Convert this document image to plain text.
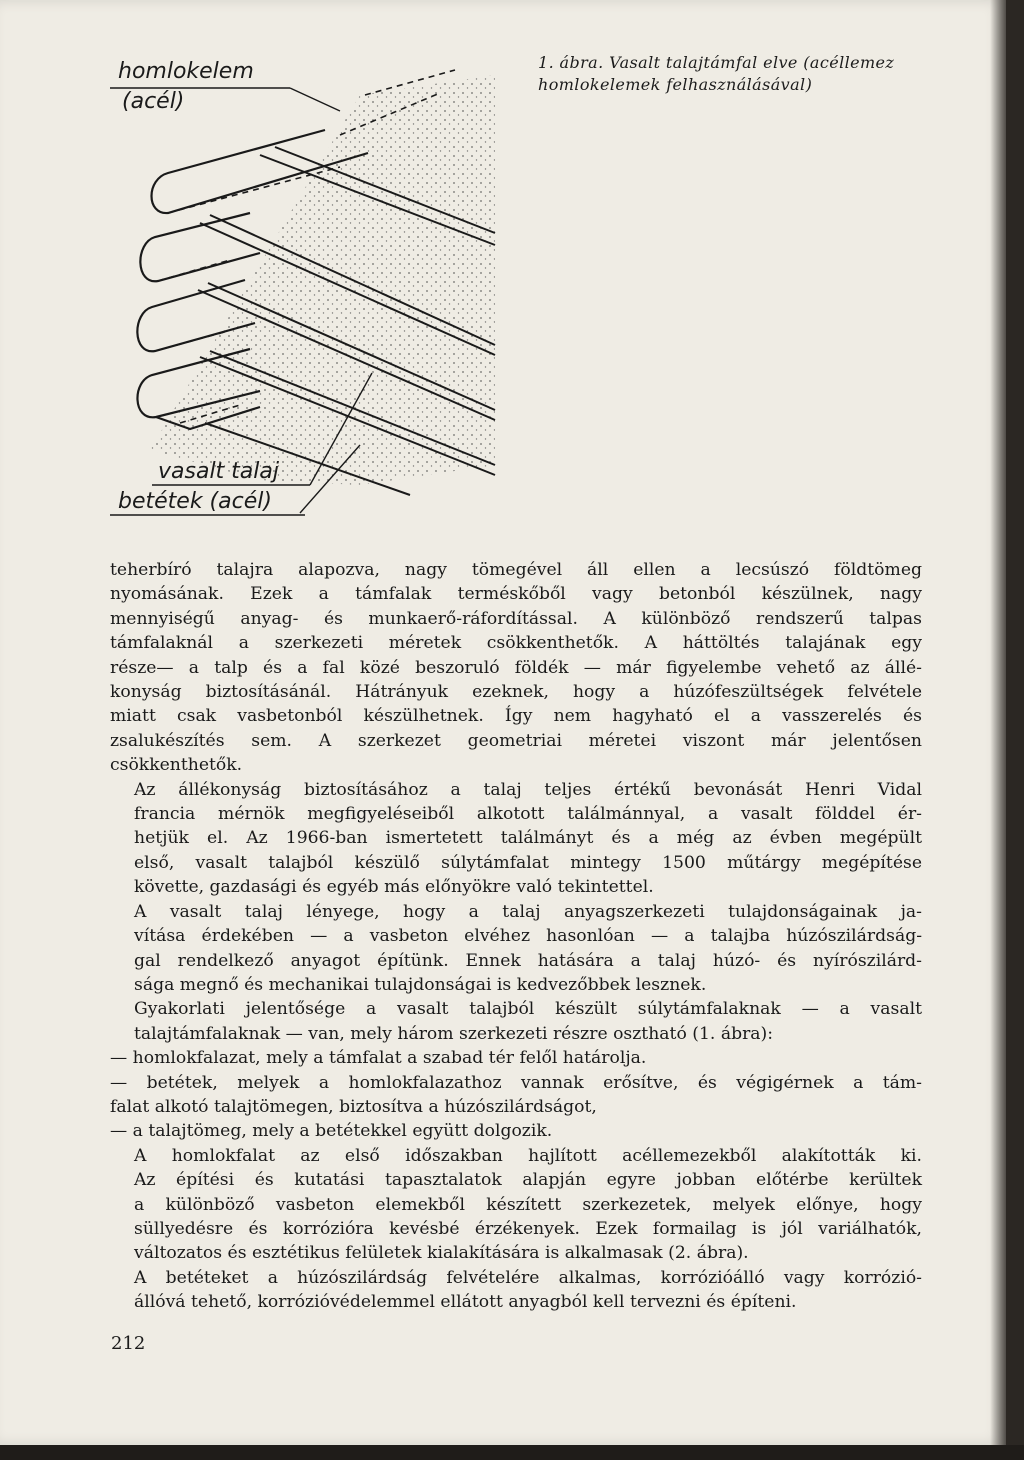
homlokelem
(acél)
vasalt talaj
betétek (acél)
1. ábra. Vasalt talajtámfal elve (acéllemez homlokelemek felhasználásával)

teherbíró talajra alapozva, nagy tömegével áll ellen a lecsúszó földtömeg
nyomásának. Ezek a támfalak terméskőből vagy betonból készülnek, nagy
mennyiségű anyag- és munkaerő-ráfordítással. A különböző rendszerű talpas
támfalaknál a szerkezeti méretek csökkenthetők. A háttöltés talajának egy
része— a talp és a fal közé beszoruló földék — már figyelembe vehető az állé-
konyság biztosításánál. Hátrányuk ezeknek, hogy a húzófeszültségek felvétele
miatt csak vasbetonból készülhetnek. Így nem hagyható el a vasszerelés és
zsalukészítés sem. A szerkezet geometriai méretei viszont már jelentősen
csökkenthetők.

Az állékonyság biztosításához a talaj teljes értékű bevonását Henri Vidal
francia mérnök megfigyeléseiből alkotott találmánnyal, a vasalt földdel ér-
hetjük el. Az 1966-ban ismertetett találmányt és a még az évben megépült
első, vasalt talajból készülő súlytámfalat mintegy 1500 műtárgy megépítése
követte, gazdasági és egyéb más előnyökre való tekintettel.

A vasalt talaj lényege, hogy a talaj anyagszerkezeti tulajdonságainak ja-
vítása érdekében — a vasbeton elvéhez hasonlóan — a talajba húzószilárdság-
gal rendelkező anyagot építünk. Ennek hatására a talaj húzó- és nyírószilárd-
sága megnő és mechanikai tulajdonságai is kedvezőbbek lesznek.

Gyakorlati jelentősége a vasalt talajból készült súlytámfalaknak — a vasalt
talajtámfalaknak — van, mely három szerkezeti részre osztható (1. ábra):

— homlokfalazat, mely a támfalat a szabad tér felől határolja.
— betétek, melyek a homlokfalazathoz vannak erősítve, és végigérnek a tám-
falat alkotó talajtömegen, biztosítva a húzószilárdságot,
— a talajtömeg, mely a betétekkel együtt dolgozik.

A homlokfalat az első időszakban hajlított acéllemezekből alakították ki.
Az építési és kutatási tapasztalatok alapján egyre jobban előtérbe kerültek
a különböző vasbeton elemekből készített szerkezetek, melyek előnye, hogy
süllyedésre és korrózióra kevésbé érzékenyek. Ezek formailag is jól variálhatók,
változatos és esztétikus felületek kialakítására is alkalmasak (2. ábra).

A betéteket a húzószilárdság felvételére alkalmas, korrózióálló vagy korrózió-
állóvá tehető, korrózióvédelemmel ellátott anyagból kell tervezni és építeni.

212
